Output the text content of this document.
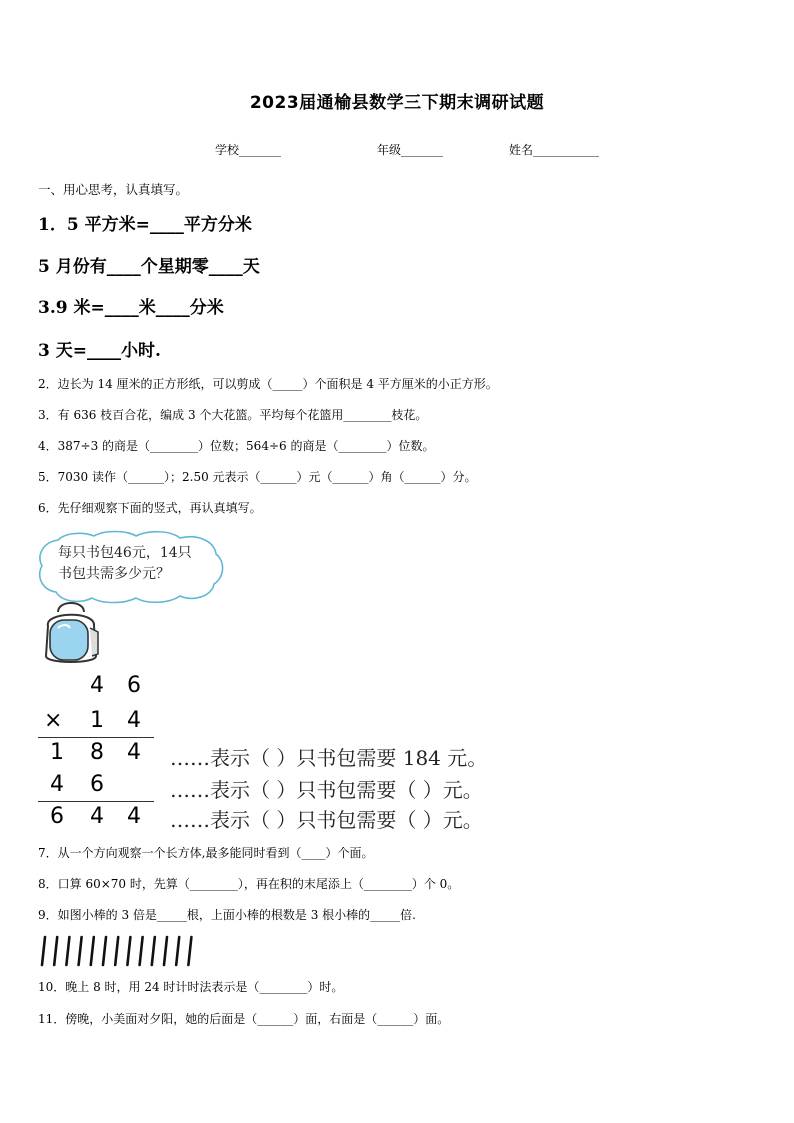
2023届通榆县数学三下期末调研试题
学校_______	年级_______	姓名___________
一、用心思考，认真填写。
1．5 平方米=____平方分米
5 月份有____个星期零____天
3.9 米=____米____分米
3 天=____小时.
2．边长为 14 厘米的正方形纸，可以剪成（_____）个面积是 4 平方厘米的小正方形。
3．有 636 枝百合花，编成 3 个大花篮。平均每个花篮用________枝花。
4．387÷3 的商是（________）位数；564÷6 的商是（________）位数。
5．7030 读作（______）；2.50 元表示（______）元（______）角（______）分。
6．先仔细观察下面的竖式，再认真填写。
每只书包46元，14只
书包共需多少元？
4 6
× 1 4
1 8 4 ……表示（ ）只书包需要 184 元。
4 6	……表示（ ）只书包需要（ ）元。
6 4 4 ……表示（ ）只书包需要（ ）元。
7．从一个方向观察一个长方体,最多能同时看到（____）个面。
8．口算 60×70 时，先算（________），再在积的末尾添上（________）个 0。
9．如图小棒的 3 倍是_____根，上面小棒的根数是 3 根小棒的_____倍.
10．晚上 8 时，用 24 时计时法表示是（________）时。
11．傍晚，小美面对夕阳，她的后面是（______）面，右面是（______）面。
